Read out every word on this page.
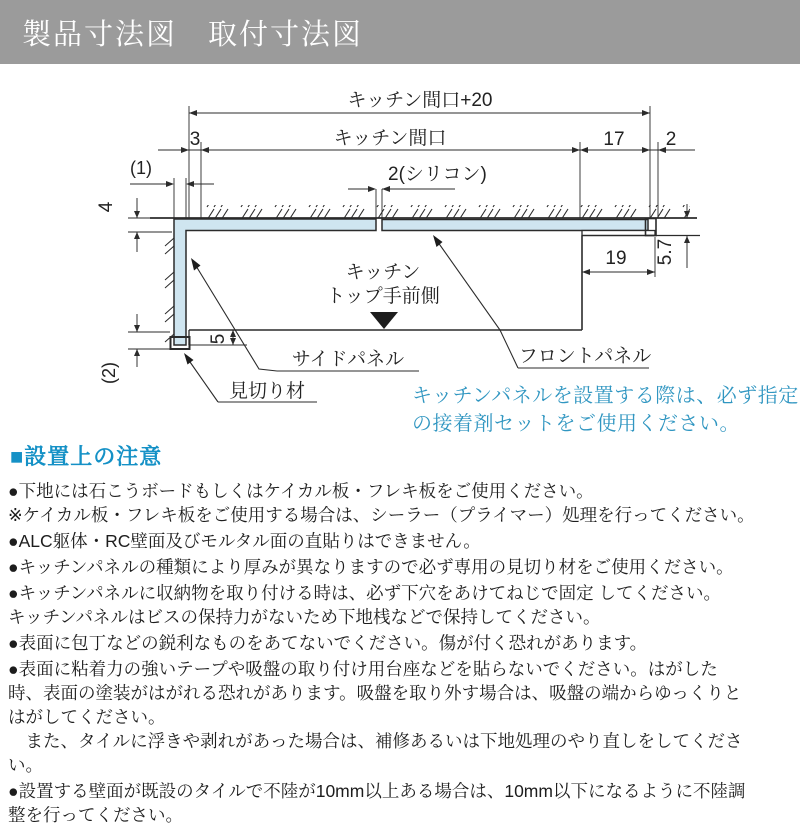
製品寸法図　取付寸法図
キッチン間口+20
3	キッチン間口	17 2
(1)	2(シリコン)
4
(2)
5
19 5.7
サイドパネル	フロントパネル
見切り材
キッチン
トップ手前側
キッチンパネルを設置する際は、必ず指定
の接着剤セットをご使用ください。
■設置上の注意
●下地には石こうボードもしくはケイカル板・フレキ板をご使用ください。
※ケイカル板・フレキ板をご使用する場合は、シーラー（プライマー）処理を行ってください。
●ALC躯体・RC壁面及びモルタル面の直貼りはできません。
●キッチンパネルの種類により厚みが異なりますので必ず専用の見切り材をご使用ください。
●キッチンパネルに収納物を取り付ける時は、必ず下穴をあけてねじで固定 してください。
キッチンパネルはビスの保持力がないため下地桟などで保持してください。
●表面に包丁などの鋭利なものをあてないでください。傷が付く恐れがあります。
●表面に粘着力の強いテープや吸盤の取り付け用台座などを貼らないでください。はがした
時、表面の塗装がはがれる恐れがあります。吸盤を取り外す場合は、吸盤の端からゆっくりと
はがしてください。
　また、タイルに浮きや剥れがあった場合は、補修あるいは下地処理のやり直しをしてくださ
い。
●設置する壁面が既設のタイルで不陸が10mm以上ある場合は、10mm以下になるように不陸調
整を行ってください。
